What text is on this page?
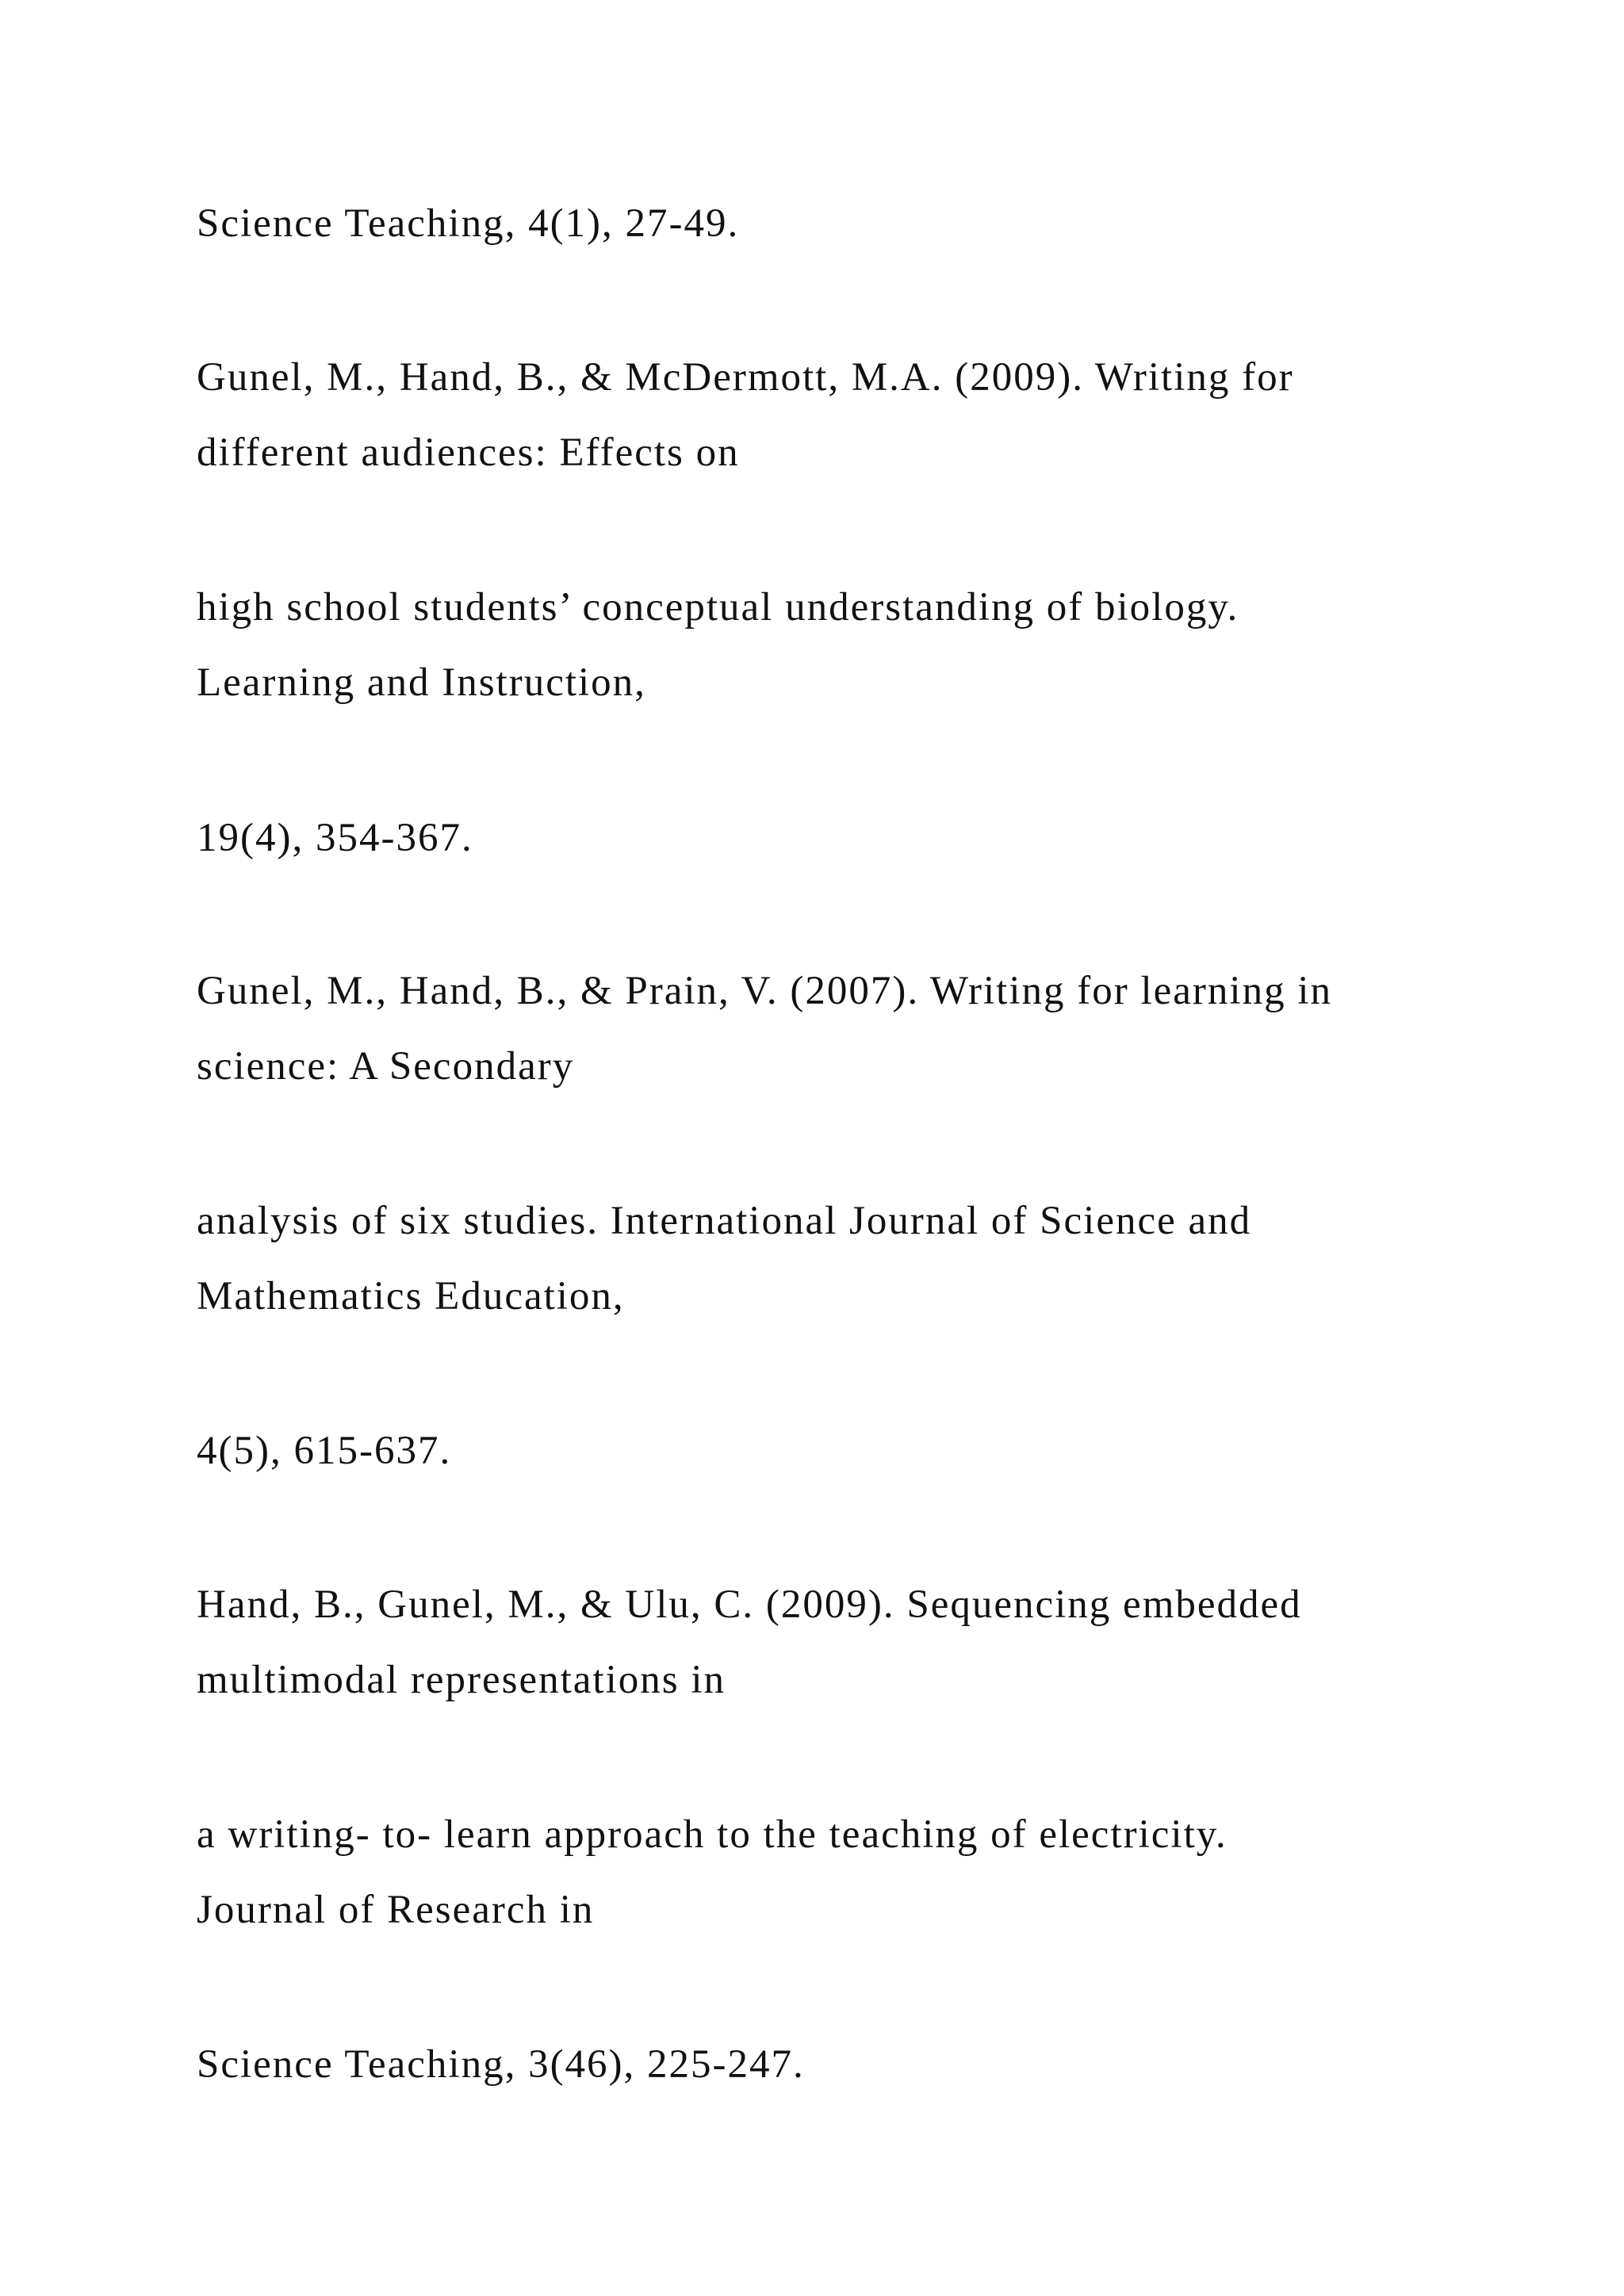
Science Teaching, 4(1), 27-49.

Gunel, M., Hand, B., & McDermott, M.A. (2009). Writing for

different audiences: Effects on

high school students’ conceptual understanding of biology.

Learning and Instruction,

19(4), 354-367.

Gunel, M., Hand, B., & Prain, V. (2007). Writing for learning in

science: A Secondary

analysis of six studies. International Journal of Science and

Mathematics Education,

4(5), 615-637.

Hand, B., Gunel, M., & Ulu, C. (2009). Sequencing embedded

multimodal representations in

a writing- to- learn approach to the teaching of electricity.

Journal of Research in

Science Teaching, 3(46), 225-247.
